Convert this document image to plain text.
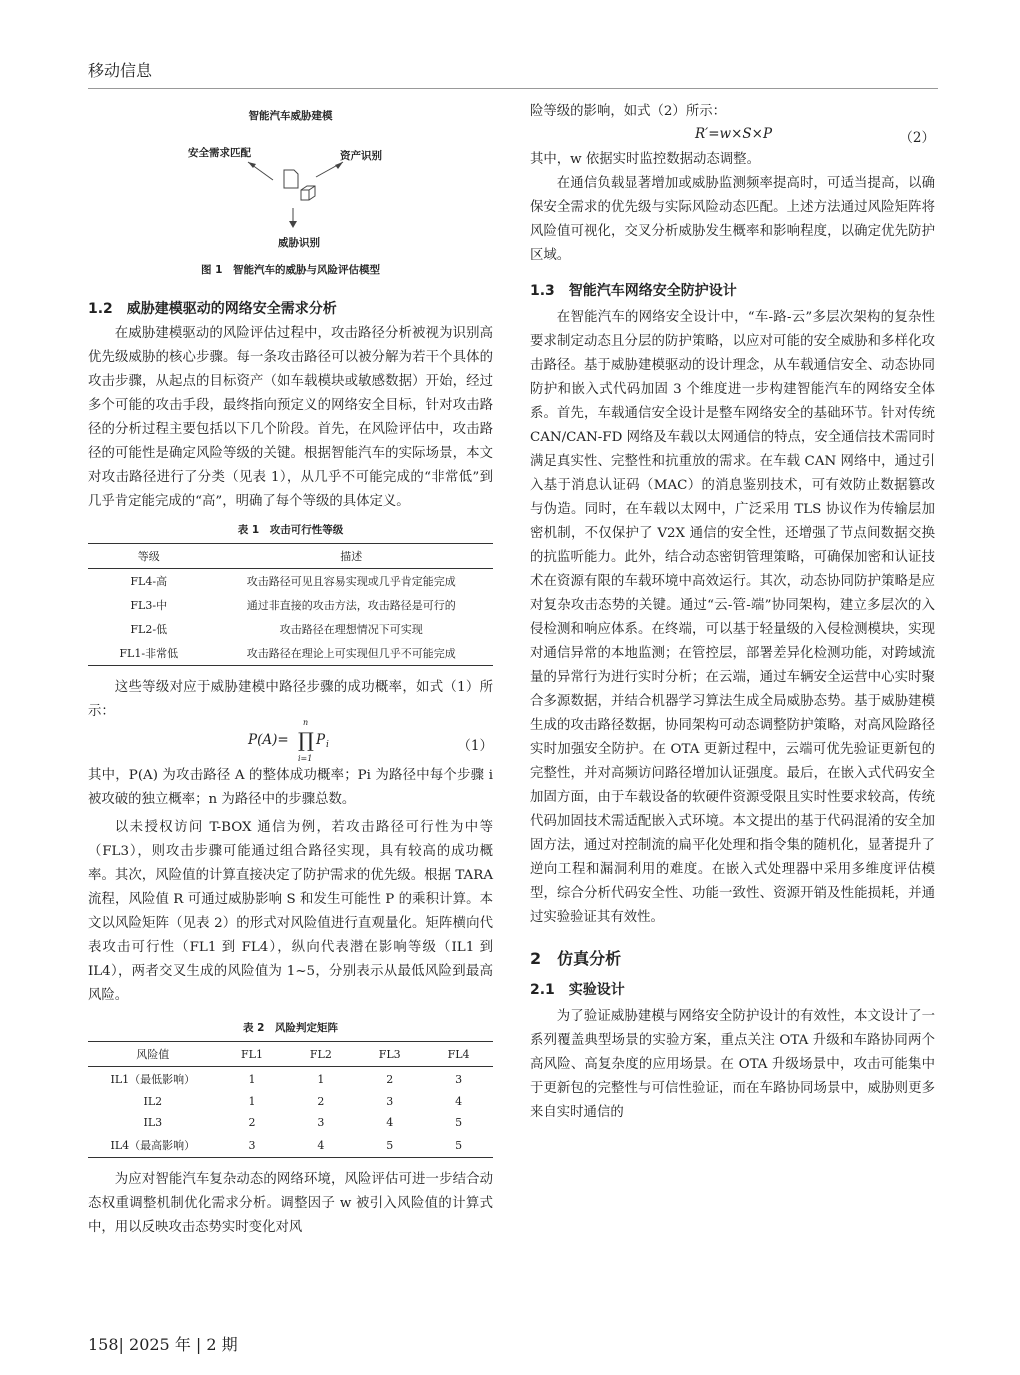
移动信息
智能汽车威胁建模
安全需求匹配	资产识别
威胁识别
图 1　智能汽车的威胁与风险评估模型
1.2　威胁建模驱动的网络安全需求分析

在威胁建模驱动的风险评估过程中，攻击路径分析被视为识别高优先级威胁的核心步骤。每一条攻击路径可以被分解为若干个具体的攻击步骤，从起点的目标资产（如车载模块或敏感数据）开始，经过多个可能的攻击手段，最终指向预定义的网络安全目标，针对攻击路径的分析过程主要包括以下几个阶段。首先，在风险评估中，攻击路径的可能性是确定风险等级的关键。根据智能汽车的实际场景，本文对攻击路径进行了分类（见表 1），从几乎不可能完成的“非常低”到几乎肯定能完成的“高”，明确了每个等级的具体定义。

表 1　攻击可行性等级
等级	描述
FL4-高	攻击路径可见且容易实现或几乎肯定能完成
FL3-中	通过非直接的攻击方法，攻击路径是可行的
FL2-低	攻击路径在理想情况下可实现
FL1-非常低	攻击路径在理论上可实现但几乎不可能完成

这些等级对应于威胁建模中路径步骤的成功概率，如式（1）所示：

P(A)= ∏
n
i=1
P i	（1）

其中，P(A) 为攻击路径 A 的整体成功概率；Pi 为路径中每个步骤 i 被攻破的独立概率；n 为路径中的步骤总数。

以未授权访问 T-BOX 通信为例，若攻击路径可行性为中等（FL3），则攻击步骤可能通过组合路径实现，具有较高的成功概率。其次，风险值的计算直接决定了防护需求的优先级。根据 TARA 流程，风险值 R 可通过威胁影响 S 和发生可能性 P 的乘积计算。本文以风险矩阵（见表 2）的形式对风险值进行直观量化。矩阵横向代表攻击可行性（FL1 到 FL4），纵向代表潜在影响等级（IL1 到 IL4），两者交叉生成的风险值为 1~5，分别表示从最低风险到最高风险。

表 2　风险判定矩阵
风险值	FL1	FL2	FL3	FL4
IL1（最低影响）	1	1	2	3
IL2	1	2	3	4
IL3	2	3	4	5
IL4（最高影响）	3	4	5	5

为应对智能汽车复杂动态的网络环境，风险评估可进一步结合动态权重调整机制优化需求分析。调整因子 w 被引入风险值的计算式中，用以反映攻击态势实时变化对风

险等级的影响，如式（2）所示：

R′=w×S×P	（2）

其中，w 依据实时监控数据动态调整。

在通信负载显著增加或威胁监测频率提高时，可适当提高，以确保安全需求的优先级与实际风险动态匹配。上述方法通过风险矩阵将风险值可视化，交叉分析威胁发生概率和影响程度，以确定优先防护区域。

1.3　智能汽车网络安全防护设计

在智能汽车的网络安全设计中，“车-路-云”多层次架构的复杂性要求制定动态且分层的防护策略，以应对可能的安全威胁和多样化攻击路径。基于威胁建模驱动的设计理念，从车载通信安全、动态协同防护和嵌入式代码加固 3 个维度进一步构建智能汽车的网络安全体系。首先，车载通信安全设计是整车网络安全的基础环节。针对传统 CAN/CAN-FD 网络及车载以太网通信的特点，安全通信技术需同时满足真实性、完整性和抗重放的需求。在车载 CAN 网络中，通过引入基于消息认证码（MAC）的消息鉴别技术，可有效防止数据篡改与伪造。同时，在车载以太网中，广泛采用 TLS 协议作为传输层加密机制，不仅保护了 V2X 通信的安全性，还增强了节点间数据交换的抗监听能力。此外，结合动态密钥管理策略，可确保加密和认证技术在资源有限的车载环境中高效运行。其次，动态协同防护策略是应对复杂攻击态势的关键。通过“云-管-端”协同架构，建立多层次的入侵检测和响应体系。在终端，可以基于轻量级的入侵检测模块，实现对通信异常的本地监测；在管控层，部署差异化检测功能，对跨域流量的异常行为进行实时分析；在云端，通过车辆安全运营中心实时聚合多源数据，并结合机器学习算法生成全局威胁态势。基于威胁建模生成的攻击路径数据，协同架构可动态调整防护策略，对高风险路径实时加强安全防护。在 OTA 更新过程中，云端可优先验证更新包的完整性，并对高频访问路径增加认证强度。最后，在嵌入式代码安全加固方面，由于车载设备的软硬件资源受限且实时性要求较高，传统代码加固技术需适配嵌入式环境。本文提出的基于代码混淆的安全加固方法，通过对控制流的扁平化处理和指令集的随机化，显著提升了逆向工程和漏洞利用的难度。在嵌入式处理器中采用多维度评估模型，综合分析代码安全性、功能一致性、资源开销及性能损耗，并通过实验验证其有效性。

2　仿真分析
2.1　实验设计

为了验证威胁建模与网络安全防护设计的有效性，本文设计了一系列覆盖典型场景的实验方案，重点关注 OTA 升级和车路协同两个高风险、高复杂度的应用场景。在 OTA 升级场景中，攻击可能集中于更新包的完整性与可信性验证，而在车路协同场景中，威胁则更多来自实时通信的

158| 2025 年 | 2 期
